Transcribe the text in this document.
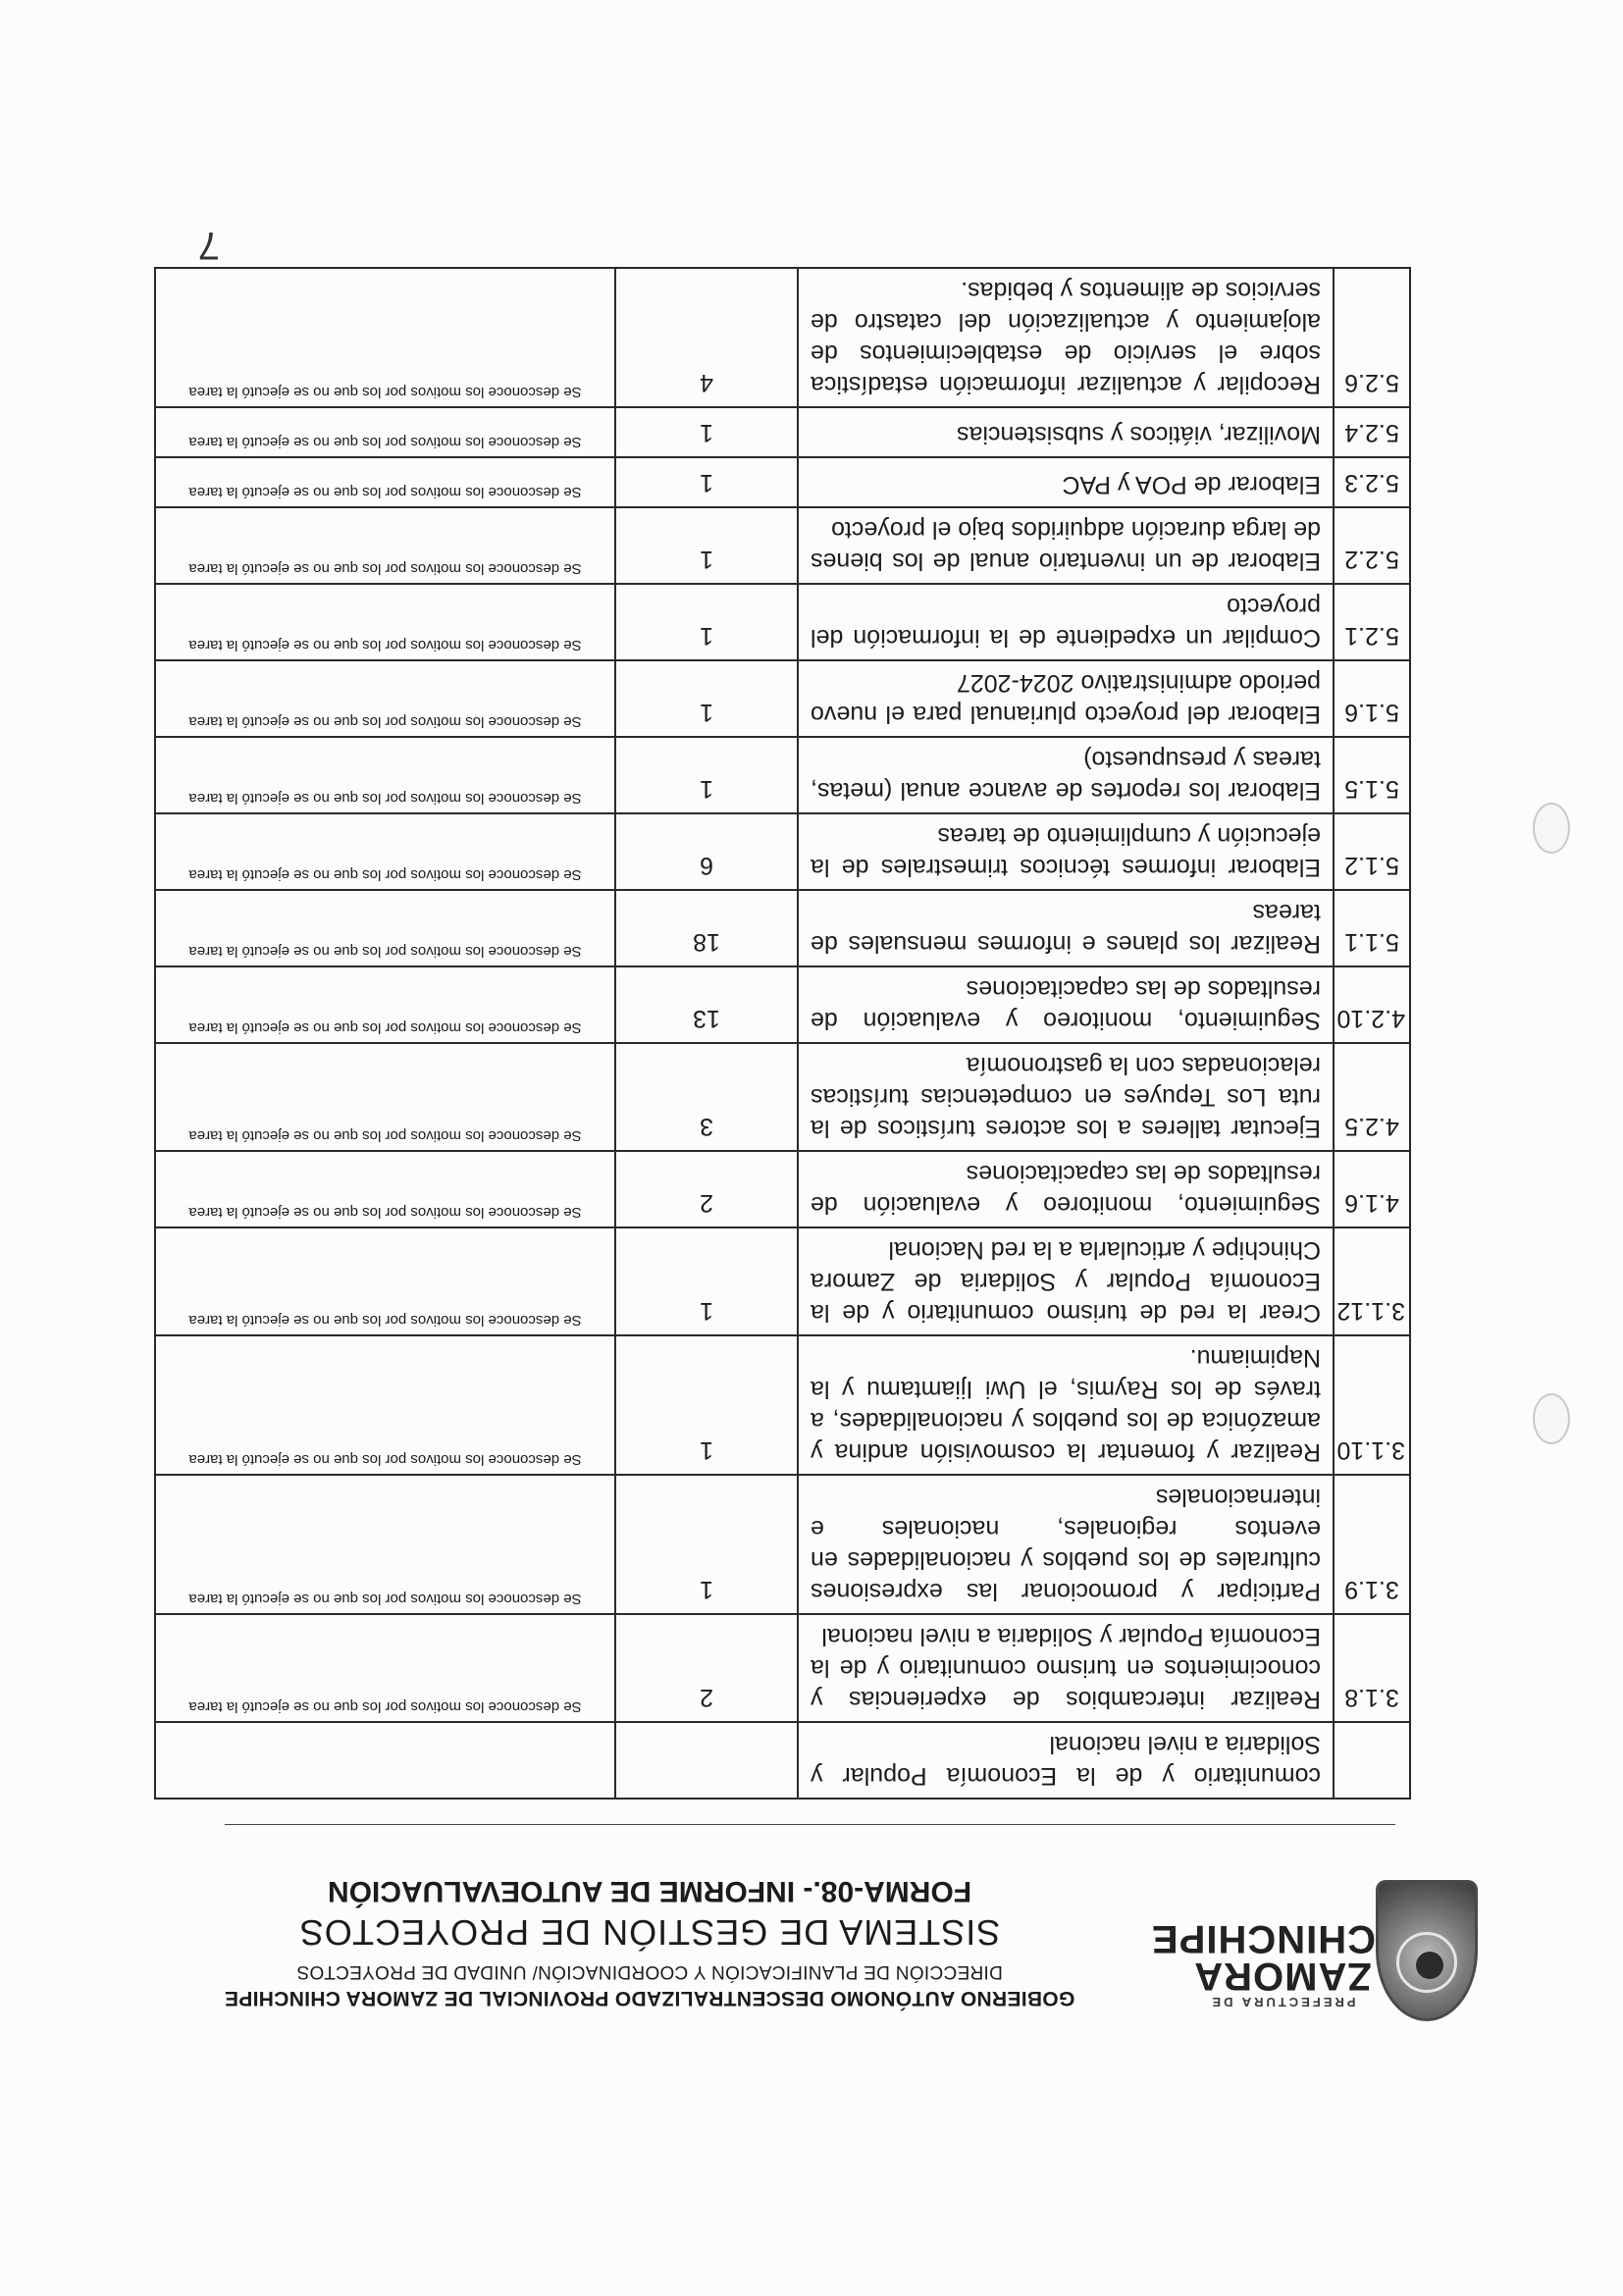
PREFECTURA DE
ZAMORA
CHINCHIPE
GOBIERNO AUTÓNOMO DESCENTRALIZADO PROVINCIAL DE ZAMORA CHINCHIPE
DIRECCIÓN DE PLANIFICACIÓN Y COORDINACIÓN/ UNIDAD DE PROYECTOS
SISTEMA DE GESTIÓN DE PROYECTOS
FORMA-08.- INFORME DE AUTOEVALUACIÓN
	comunitario y de la Economía Popular y Solidaria a nivel nacional		
3.1.8	Realizar intercambios de experiencias y conocimientos en turismo comunitario y de la Economía Popular y Solidaria a nivel nacional	2	Se desconoce los motivos por los que no se ejecutó la tarea
3.1.9	Participar y promocionar las expresiones culturales de los pueblos y nacionalidades en eventos regionales, nacionales e internacionales	1	Se desconoce los motivos por los que no se ejecutó la tarea
3.1.10	Realizar y fomentar la cosmovisión andina y amazónica de los pueblos y nacionalidades, a través de los Raymis, el Uwi Ijiamtamu y la Napimiamu.	1	Se desconoce los motivos por los que no se ejecutó la tarea
3.1.12	Crear la red de turismo comunitario y de la Economía Popular y Solidaria de Zamora Chinchipe y articularla a la red Nacional	1	Se desconoce los motivos por los que no se ejecutó la tarea
4.1.6	Seguimiento, monitoreo y evaluación de resultados de las capacitaciones	2	Se desconoce los motivos por los que no se ejecutó la tarea
4.2.5	Ejecutar talleres a los actores turísticos de la ruta Los Tepuyes en competencias turísticas relacionadas con la gastronomía	3	Se desconoce los motivos por los que no se ejecutó la tarea
4.2.10	Seguimiento, monitoreo y evaluación de resultados de las capacitaciones	13	Se desconoce los motivos por los que no se ejecutó la tarea
5.1.1	Realizar los planes e informes mensuales de tareas	18	Se desconoce los motivos por los que no se ejecutó la tarea
5.1.2	Elaborar informes técnicos trimestrales de la ejecución y cumplimiento de tareas	6	Se desconoce los motivos por los que no se ejecutó la tarea
5.1.5	Elaborar los reportes de avance anual (metas, tareas y presupuesto)	1	Se desconoce los motivos por los que no se ejecutó la tarea
5.1.6	Elaborar del proyecto plurianual para el nuevo periodo administrativo 2024-2027	1	Se desconoce los motivos por los que no se ejecutó la tarea
5.2.1	Compilar un expediente de la información del proyecto	1	Se desconoce los motivos por los que no se ejecutó la tarea
5.2.2	Elaborar de un inventario anual de los bienes de larga duración adquiridos bajo el proyecto	1	Se desconoce los motivos por los que no se ejecutó la tarea
5.2.3	Elaborar de POA y PAC	1	Se desconoce los motivos por los que no se ejecutó la tarea
5.2.4	Movilizar, viáticos y subsistencias	1	Se desconoce los motivos por los que no se ejecutó la tarea
5.2.6	Recopilar y actualizar información estadística sobre el servicio de establecimientos de alojamiento y actualización del catastro de servicios de alimentos y bebidas.	4	Se desconoce los motivos por los que no se ejecutó la tarea
7
